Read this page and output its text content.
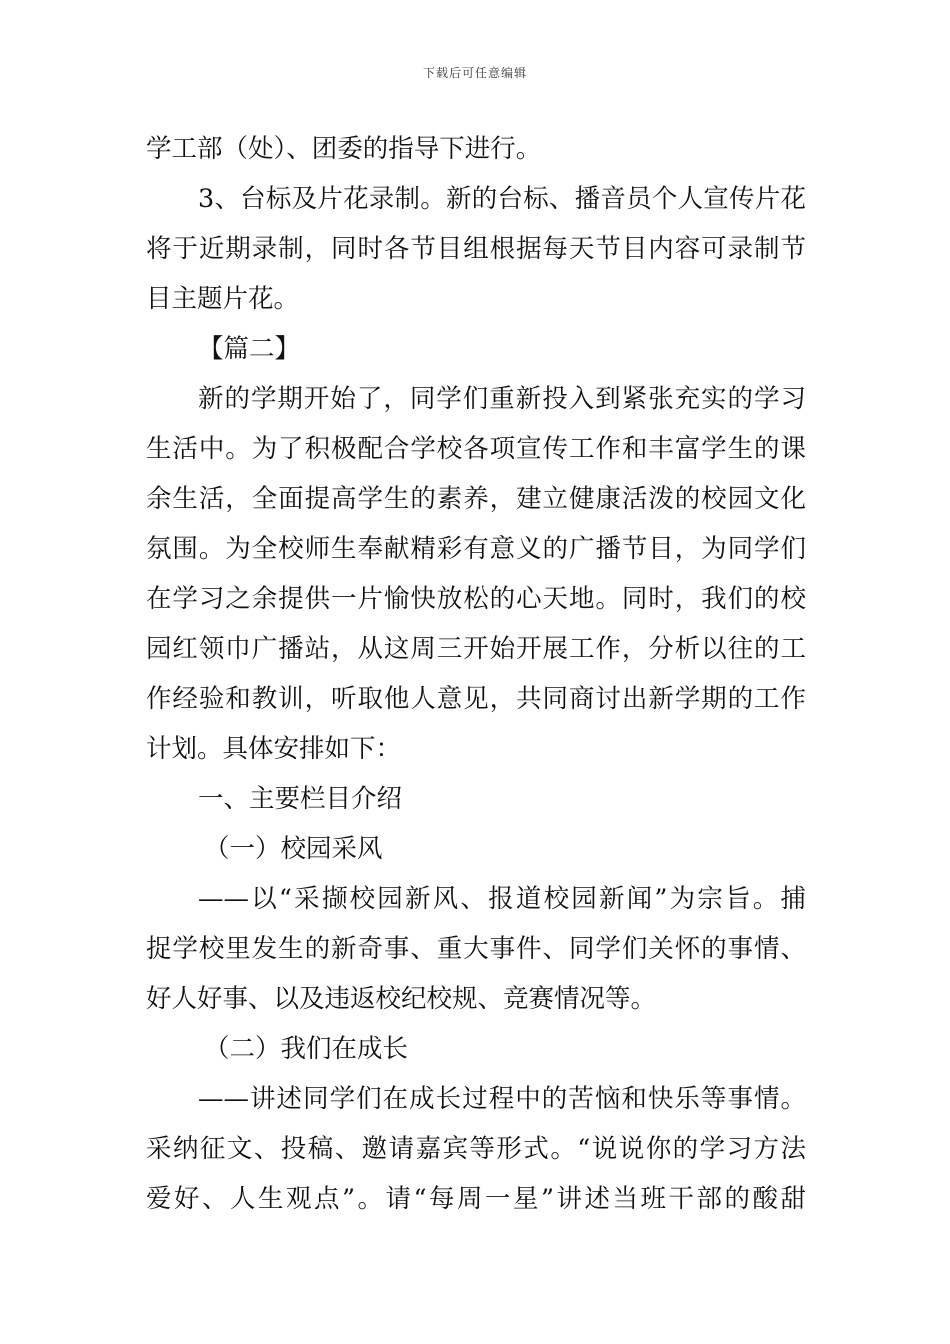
下载后可任意编辑
学工部（处）、团委的指导下进行。
3、台标及片花录制。新的台标、播音员个人宣传片花
将于近期录制，同时各节目组根据每天节目内容可录制节
目主题片花。
【篇二】
新的学期开始了，同学们重新投入到紧张充实的学习
生活中。为了积极配合学校各项宣传工作和丰富学生的课
余生活，全面提高学生的素养，建立健康活泼的校园文化
氛围。为全校师生奉献精彩有意义的广播节目，为同学们
在学习之余提供一片愉快放松的心天地。同时，我们的校
园红领巾广播站，从这周三开始开展工作，分析以往的工
作经验和教训，听取他人意见，共同商讨出新学期的工作
计划。具体安排如下：
一、主要栏目介绍
（一）校园采风
——以“采撷校园新风、报道校园新闻”为宗旨。捕
捉学校里发生的新奇事、重大事件、同学们关怀的事情、
好人好事、以及违返校纪校规、竞赛情况等。
（二）我们在成长
——讲述同学们在成长过程中的苦恼和快乐等事情。
采纳征文、投稿、邀请嘉宾等形式。“说说你的学习方法
爱好、人生观点”。请“每周一星”讲述当班干部的酸甜
